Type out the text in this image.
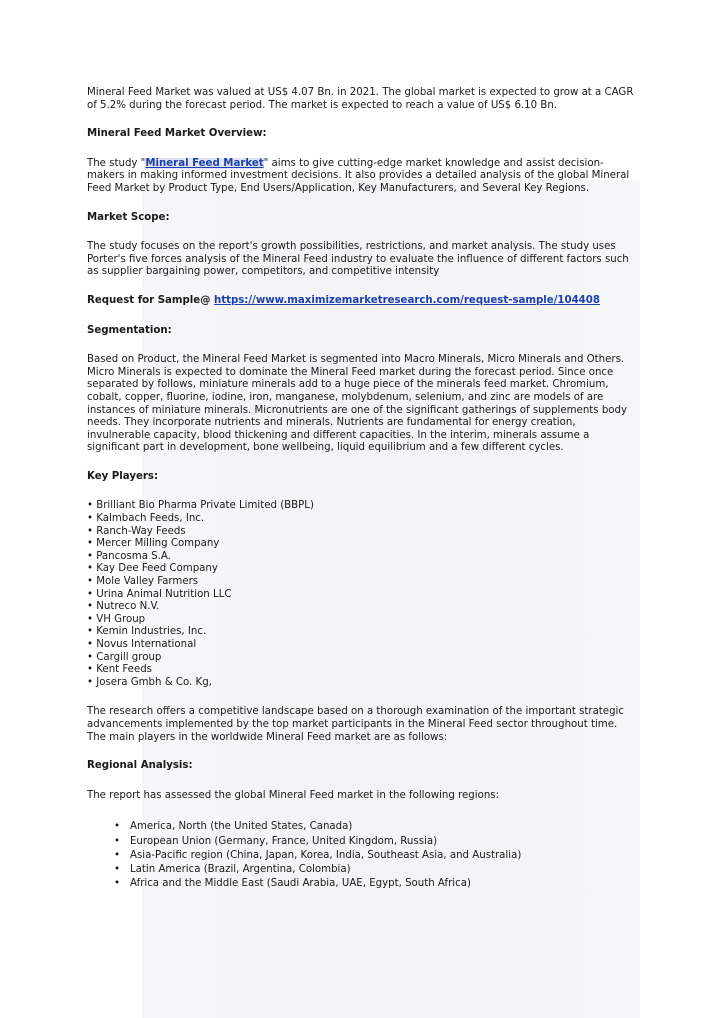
Mineral Feed Market was valued at US$ 4.07 Bn. in 2021. The global market is expected to grow at a CAGR of 5.2% during the forecast period. The market is expected to reach a value of US$ 6.10 Bn.

Mineral Feed Market Overview:

The study "Mineral Feed Market" aims to give cutting-edge market knowledge and assist decision-makers in making informed investment decisions. It also provides a detailed analysis of the global Mineral Feed Market by Product Type, End Users/Application, Key Manufacturers, and Several Key Regions.

Market Scope:

The study focuses on the report's growth possibilities, restrictions, and market analysis. The study uses Porter's five forces analysis of the Mineral Feed industry to evaluate the influence of different factors such as supplier bargaining power, competitors, and competitive intensity

Request for Sample@ https://www.maximizemarketresearch.com/request-sample/104408

Segmentation:

Based on Product, the Mineral Feed Market is segmented into Macro Minerals, Micro Minerals and Others. Micro Minerals is expected to dominate the Mineral Feed market during the forecast period. Since once separated by follows, miniature minerals add to a huge piece of the minerals feed market. Chromium, cobalt, copper, fluorine, iodine, iron, manganese, molybdenum, selenium, and zinc are models of are instances of miniature minerals. Micronutrients are one of the significant gatherings of supplements body needs. They incorporate nutrients and minerals. Nutrients are fundamental for energy creation, invulnerable capacity, blood thickening and different capacities. In the interim, minerals assume a significant part in development, bone wellbeing, liquid equilibrium and a few different cycles.

Key Players:

• Brilliant Bio Pharma Private Limited (BBPL)
• Kalmbach Feeds, Inc.
• Ranch-Way Feeds
• Mercer Milling Company
• Pancosma S.A.
• Kay Dee Feed Company
• Mole Valley Farmers
• Urina Animal Nutrition LLC
• Nutreco N.V.
• VH Group
• Kemin Industries, Inc.
• Novus International
• Cargill group
• Kent Feeds
• Josera Gmbh & Co. Kg,

The research offers a competitive landscape based on a thorough examination of the important strategic advancements implemented by the top market participants in the Mineral Feed sector throughout time. The main players in the worldwide Mineral Feed market are as follows:

Regional Analysis:

The report has assessed the global Mineral Feed market in the following regions:

• America, North (the United States, Canada)
• European Union (Germany, France, United Kingdom, Russia)
• Asia-Pacific region (China, Japan, Korea, India, Southeast Asia, and Australia)
• Latin America (Brazil, Argentina, Colombia)
• Africa and the Middle East (Saudi Arabia, UAE, Egypt, South Africa)
